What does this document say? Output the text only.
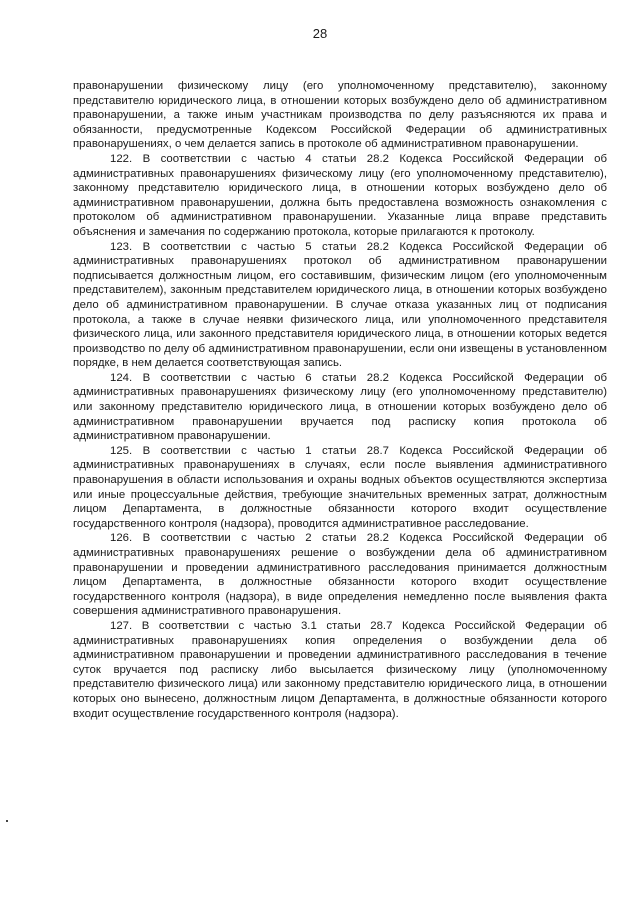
28

правонарушении физическому лицу (его уполномоченному представителю), законному представителю юридического лица, в отношении которых возбуждено дело об административном правонарушении, а также иным участникам производства по делу разъясняются их права и обязанности, предусмотренные Кодексом Российской Федерации об административных правонарушениях, о чем делается запись в протоколе об административном правонарушении.

122. В соответствии с частью 4 статьи 28.2 Кодекса Российской Федерации об административных правонарушениях физическому лицу (его уполномоченному представителю), законному представителю юридического лица, в отношении которых возбуждено дело об административном правонарушении, должна быть предоставлена возможность ознакомления с протоколом об административном правонарушении. Указанные лица вправе представить объяснения и замечания по содержанию протокола, которые прилагаются к протоколу.

123. В соответствии с частью 5 статьи 28.2 Кодекса Российской Федерации об административных правонарушениях протокол об административном правонарушении подписывается должностным лицом, его составившим, физическим лицом (его уполномоченным представителем), законным представителем юридического лица, в отношении которых возбуждено дело об административном правонарушении. В случае отказа указанных лиц от подписания протокола, а также в случае неявки физического лица, или уполномоченного представителя физического лица, или законного представителя юридического лица, в отношении которых ведется производство по делу об административном правонарушении, если они извещены в установленном порядке, в нем делается соответствующая запись.

124. В соответствии с частью 6 статьи 28.2 Кодекса Российской Федерации об административных правонарушениях физическому лицу (его уполномоченному представителю) или законному представителю юридического лица, в отношении которых возбуждено дело об административном правонарушении вручается под расписку копия протокола об административном правонарушении.

125. В соответствии с частью 1 статьи 28.7 Кодекса Российской Федерации об административных правонарушениях в случаях, если после выявления административного правонарушения в области использования и охраны водных объектов осуществляются экспертиза или иные процессуальные действия, требующие значительных временных затрат, должностным лицом Департамента, в должностные обязанности которого входит осуществление государственного контроля (надзора), проводится административное расследование.

126. В соответствии с частью 2 статьи 28.2 Кодекса Российской Федерации об административных правонарушениях решение о возбуждении дела об административном правонарушении и проведении административного расследования принимается должностным лицом Департамента, в должностные обязанности которого входит осуществление государственного контроля (надзора), в виде определения немедленно после выявления факта совершения административного правонарушения.

127. В соответствии с частью 3.1 статьи 28.7 Кодекса Российской Федерации об административных правонарушениях копия определения о возбуждении дела об административном правонарушении и проведении административного расследования в течение суток вручается под расписку либо высылается физическому лицу (уполномоченному представителю физического лица) или законному представителю юридического лица, в отношении которых оно вынесено, должностным лицом Департамента, в должностные обязанности которого входит осуществление государственного контроля (надзора).
